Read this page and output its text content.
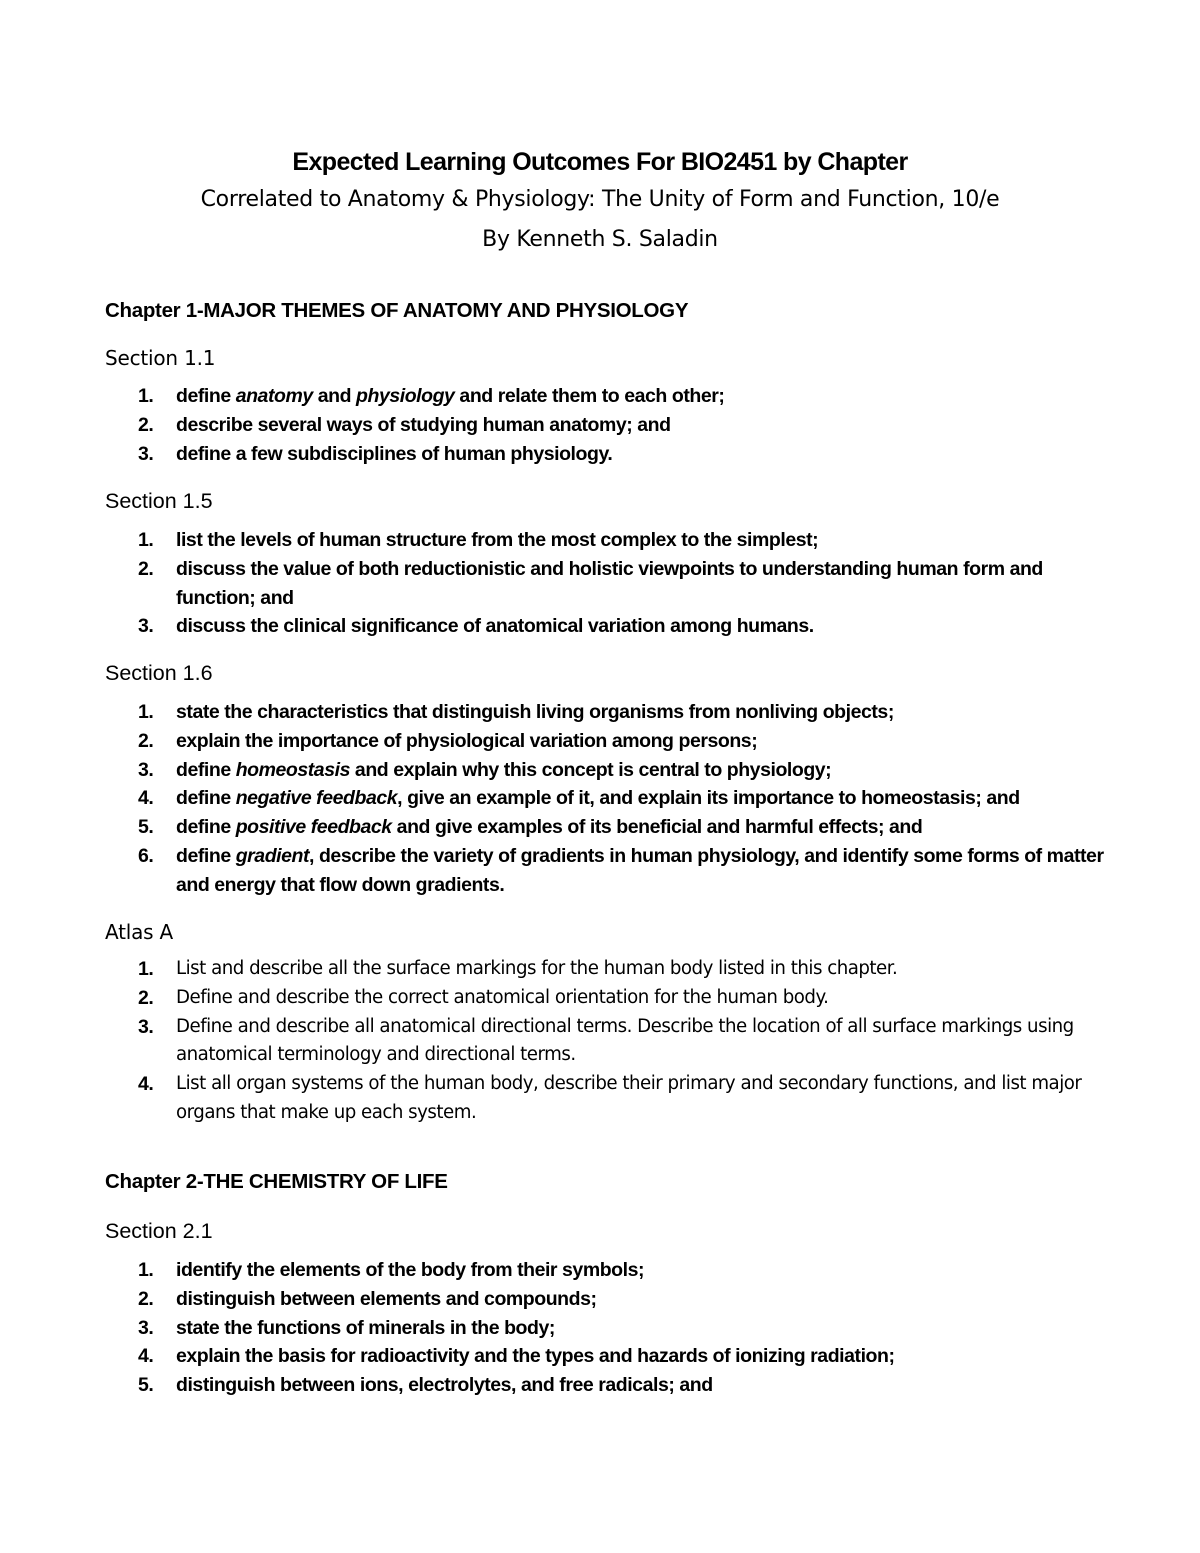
Expected Learning Outcomes For BIO2451 by Chapter
Correlated to Anatomy & Physiology: The Unity of Form and Function, 10/e
By Kenneth S. Saladin
Chapter 1-MAJOR THEMES OF ANATOMY AND PHYSIOLOGY
Section 1.1
1. define anatomy and physiology and relate them to each other;
2. describe several ways of studying human anatomy; and
3. define a few subdisciplines of human physiology.
Section 1.5
1. list the levels of human structure from the most complex to the simplest;
2. discuss the value of both reductionistic and holistic viewpoints to understanding human form and function; and
3. discuss the clinical significance of anatomical variation among humans.
Section 1.6
1. state the characteristics that distinguish living organisms from nonliving objects;
2. explain the importance of physiological variation among persons;
3. define homeostasis and explain why this concept is central to physiology;
4. define negative feedback, give an example of it, and explain its importance to homeostasis; and
5. define positive feedback and give examples of its beneficial and harmful effects; and
6. define gradient, describe the variety of gradients in human physiology, and identify some forms of matter and energy that flow down gradients.
Atlas A
1. List and describe all the surface markings for the human body listed in this chapter.
2. Define and describe the correct anatomical orientation for the human body.
3. Define and describe all anatomical directional terms. Describe the location of all surface markings using anatomical terminology and directional terms.
4. List all organ systems of the human body, describe their primary and secondary functions, and list major organs that make up each system.
Chapter 2-THE CHEMISTRY OF LIFE
Section 2.1
1. identify the elements of the body from their symbols;
2. distinguish between elements and compounds;
3. state the functions of minerals in the body;
4. explain the basis for radioactivity and the types and hazards of ionizing radiation;
5. distinguish between ions, electrolytes, and free radicals; and
